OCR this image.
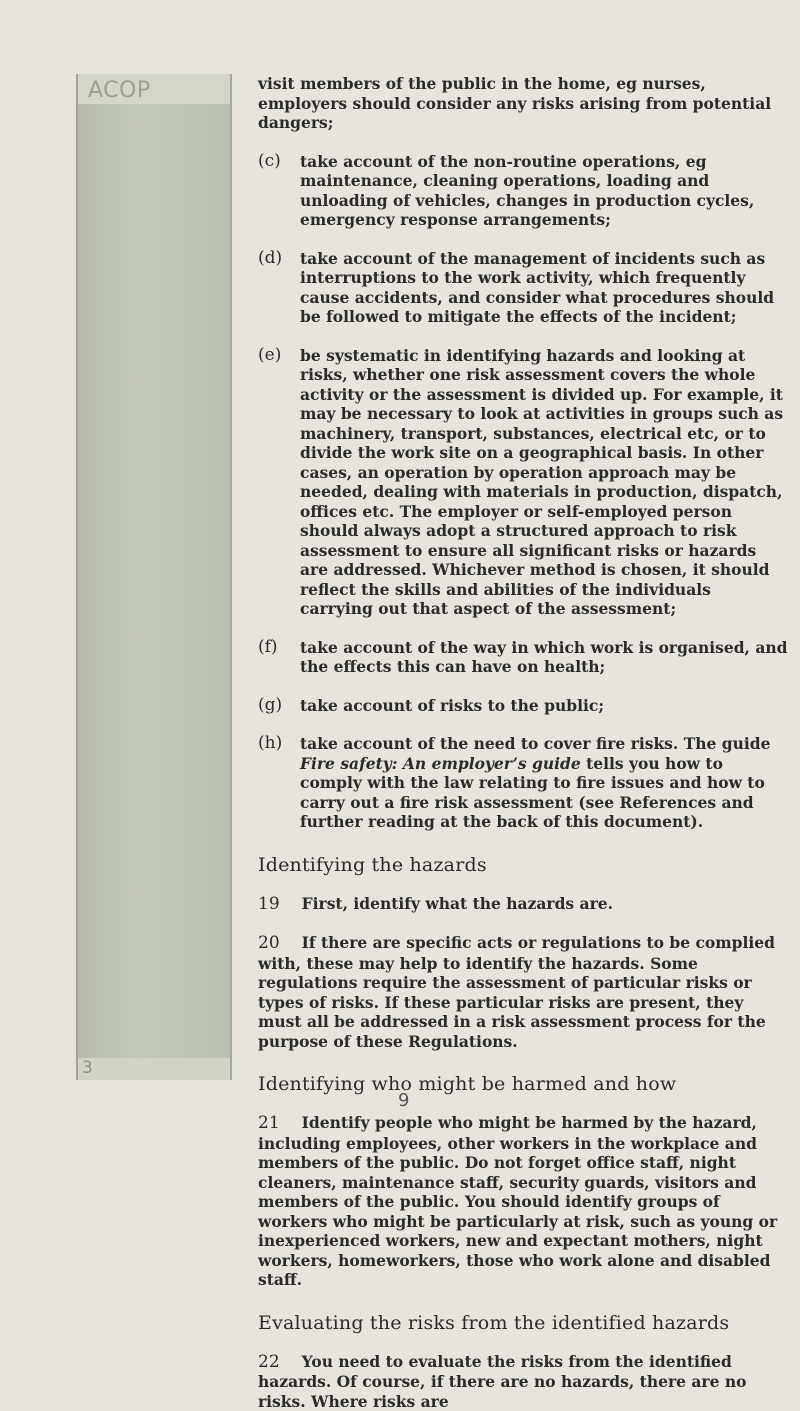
ACOP
3

visit members of the public in the home, eg nurses, employers should consider any risks arising from potential dangers;

(c) take account of the non-routine operations, eg maintenance, cleaning operations, loading and unloading of vehicles, changes in production cycles, emergency response arrangements;

(d) take account of the management of incidents such as interruptions to the work activity, which frequently cause accidents, and consider what procedures should be followed to mitigate the effects of the incident;

(e) be systematic in identifying hazards and looking at risks, whether one risk assessment covers the whole activity or the assessment is divided up. For example, it may be necessary to look at activities in groups such as machinery, transport, substances, electrical etc, or to divide the work site on a geographical basis. In other cases, an operation by operation approach may be needed, dealing with materials in production, dispatch, offices etc. The employer or self-employed person should always adopt a structured approach to risk assessment to ensure all significant risks or hazards are addressed. Whichever method is chosen, it should reflect the skills and abilities of the individuals carrying out that aspect of the assessment;

(f) take account of the way in which work is organised, and the effects this can have on health;

(g) take account of risks to the public;

(h) take account of the need to cover fire risks. The guide Fire safety: An employer’s guide tells you how to comply with the law relating to fire issues and how to carry out a fire risk assessment (see References and further reading at the back of this document).

Identifying the hazards

19 First, identify what the hazards are.

20 If there are specific acts or regulations to be complied with, these may help to identify the hazards. Some regulations require the assessment of particular risks or types of risks. If these particular risks are present, they must all be addressed in a risk assessment process for the purpose of these Regulations.

Identifying who might be harmed and how

21 Identify people who might be harmed by the hazard, including employees, other workers in the workplace and members of the public. Do not forget office staff, night cleaners, maintenance staff, security guards, visitors and members of the public. You should identify groups of workers who might be particularly at risk, such as young or inexperienced workers, new and expectant mothers, night workers, homeworkers, those who work alone and disabled staff.

Evaluating the risks from the identified hazards

22 You need to evaluate the risks from the identified hazards. Of course, if there are no hazards, there are no risks. Where risks are

9
